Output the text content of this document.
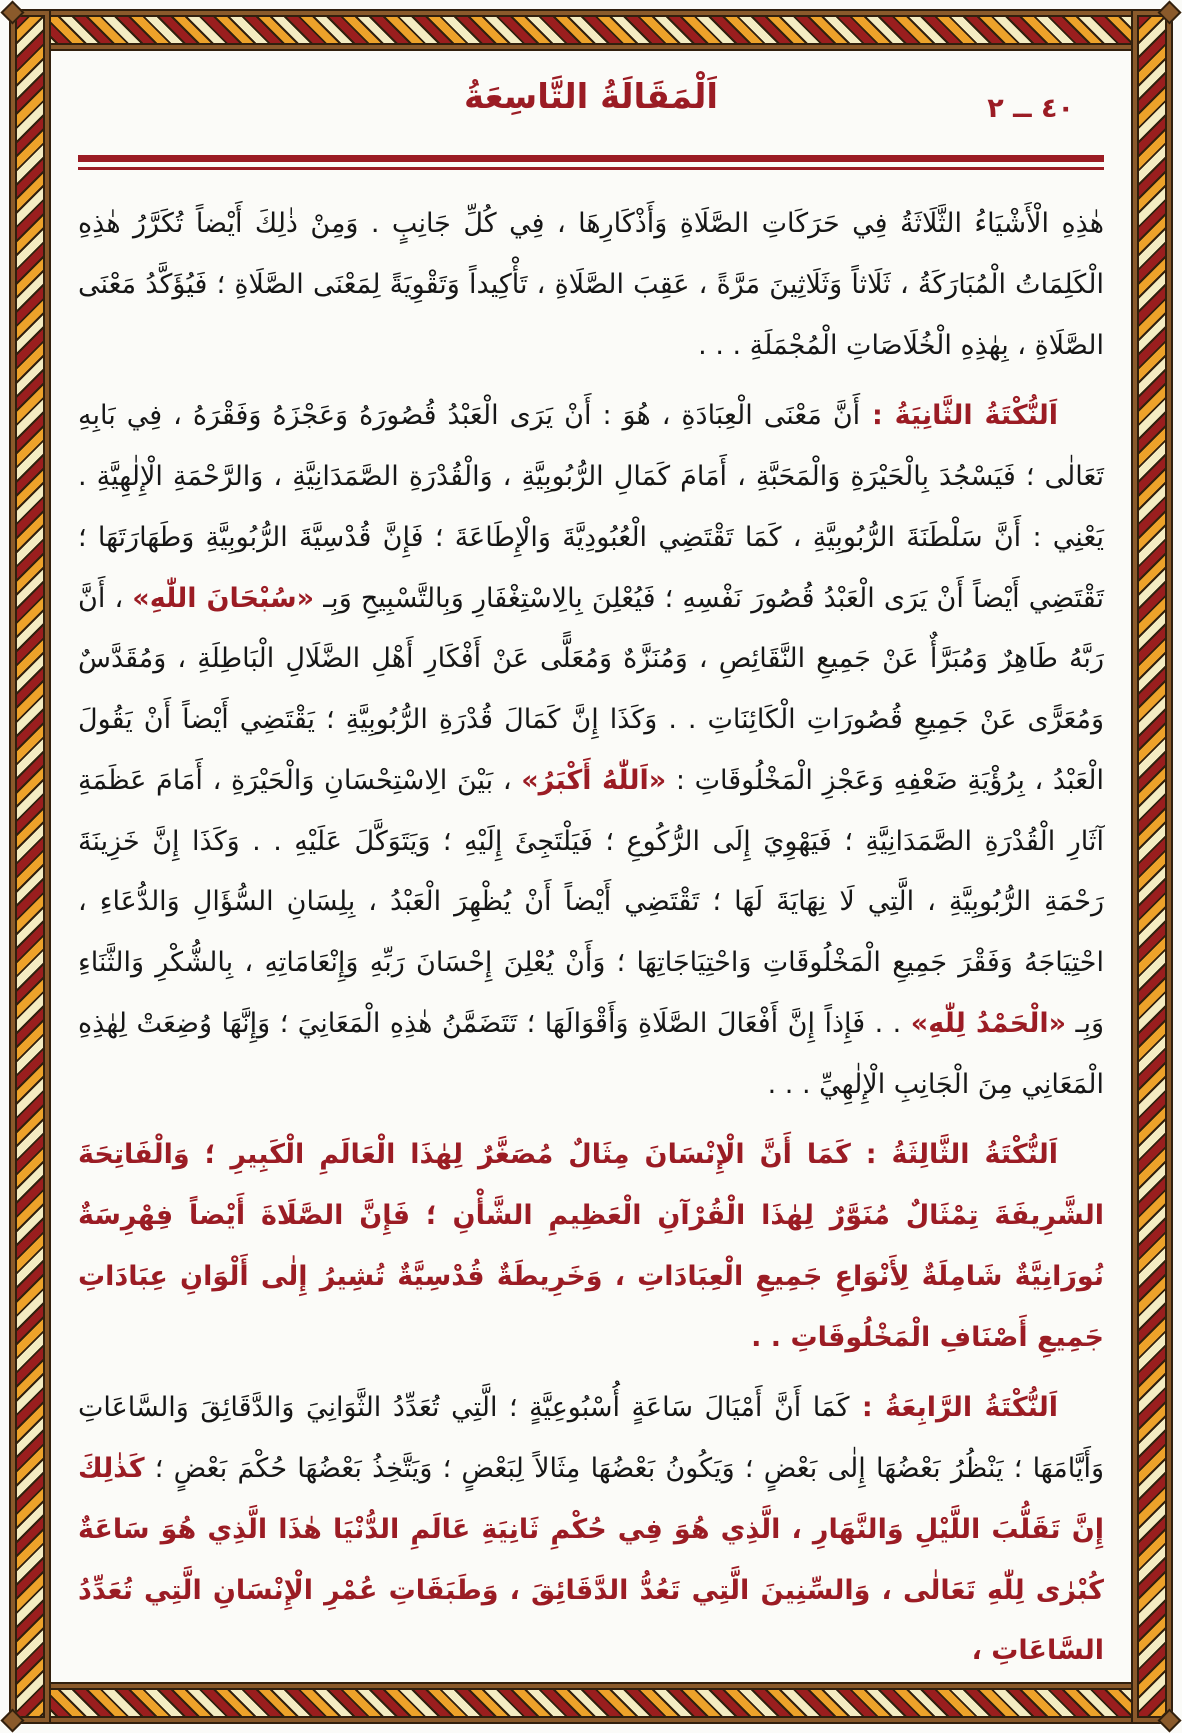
٤٠ ــ ٢
اَلْمَقَالَةُ التَّاسِعَةُ

هٰذِهِ الْأَشْيَاءُ الثَّلَاثَةُ فِي حَرَكَاتِ الصَّلَاةِ وَأَذْكَارِهَا ، فِي كُلِّ جَانِبٍ . وَمِنْ ذٰلِكَ أَيْضاً تُكَرَّرُ هٰذِهِ الْكَلِمَاتُ الْمُبَارَكَةُ ، ثَلَاثاً وَثَلَاثِينَ مَرَّةً ، عَقِبَ الصَّلَاةِ ، تَأْكِيداً وَتَقْوِيَةً لِمَعْنَى الصَّلَاةِ ؛ فَيُؤَكَّدُ مَعْنَى الصَّلَاةِ ، بِهٰذِهِ الْخُلَاصَاتِ الْمُجْمَلَةِ . . .

اَلنُّكْتَةُ الثَّانِيَةُ : أَنَّ مَعْنَى الْعِبَادَةِ ، هُوَ : أَنْ يَرَى الْعَبْدُ قُصُورَهُ وَعَجْزَهُ وَفَقْرَهُ ، فِي بَابِهِ تَعَالٰى ؛ فَيَسْجُدَ بِالْحَيْرَةِ وَالْمَحَبَّةِ ، أَمَامَ كَمَالِ الرُّبُوبِيَّةِ ، وَالْقُدْرَةِ الصَّمَدَانِيَّةِ ، وَالرَّحْمَةِ الْإِلٰهِيَّةِ . يَعْنِي : أَنَّ سَلْطَنَةَ الرُّبُوبِيَّةِ ، كَمَا تَقْتَضِي الْعُبُودِيَّةَ وَالْإِطَاعَةَ ؛ فَإِنَّ قُدْسِيَّةَ الرُّبُوبِيَّةِ وَطَهَارَتَهَا ؛ تَقْتَضِي أَيْضاً أَنْ يَرَى الْعَبْدُ قُصُورَ نَفْسِهِ ؛ فَيُعْلِنَ بِالِاسْتِغْفَارِ وَبِالتَّسْبِيحِ وَبِـ «سُبْحَانَ اللّٰهِ» ، أَنَّ رَبَّهُ طَاهِرٌ وَمُبَرَّأٌ عَنْ جَمِيعِ النَّقَائِصِ ، وَمُنَزَّهٌ وَمُعَلًّى عَنْ أَفْكَارِ أَهْلِ الضَّلَالِ الْبَاطِلَةِ ، وَمُقَدَّسٌ وَمُعَرًّى عَنْ جَمِيعِ قُصُورَاتِ الْكَائِنَاتِ . . وَكَذَا إِنَّ كَمَالَ قُدْرَةِ الرُّبُوبِيَّةِ ؛ يَقْتَضِي أَيْضاً أَنْ يَقُولَ الْعَبْدُ ، بِرُؤْيَةِ ضَعْفِهِ وَعَجْزِ الْمَخْلُوقَاتِ : «اَللّٰهُ أَكْبَرُ» ، بَيْنَ الِاسْتِحْسَانِ وَالْحَيْرَةِ ، أَمَامَ عَظَمَةِ آثَارِ الْقُدْرَةِ الصَّمَدَانِيَّةِ ؛ فَيَهْوِيَ إِلَى الرُّكُوعِ ؛ فَيَلْتَجِئَ إِلَيْهِ ؛ وَيَتَوَكَّلَ عَلَيْهِ . . وَكَذَا إِنَّ خَزِينَةَ رَحْمَةِ الرُّبُوبِيَّةِ ، الَّتِي لَا نِهَايَةَ لَهَا ؛ تَقْتَضِي أَيْضاً أَنْ يُظْهِرَ الْعَبْدُ ، بِلِسَانِ السُّؤَالِ وَالدُّعَاءِ ، احْتِيَاجَهُ وَفَقْرَ جَمِيعِ الْمَخْلُوقَاتِ وَاحْتِيَاجَاتِهَا ؛ وَأَنْ يُعْلِنَ إِحْسَانَ رَبِّهِ وَإِنْعَامَاتِهِ ، بِالشُّكْرِ وَالثَّنَاءِ وَبِـ «الْحَمْدُ لِلّٰهِ» . . فَإِذاً إِنَّ أَفْعَالَ الصَّلَاةِ وَأَقْوَالَهَا ؛ تَتَضَمَّنُ هٰذِهِ الْمَعَانِيَ ؛ وَإِنَّهَا وُضِعَتْ لِهٰذِهِ الْمَعَانِي مِنَ الْجَانِبِ الْإِلٰهِيِّ . . .

اَلنُّكْتَةُ الثَّالِثَةُ : كَمَا أَنَّ الْإِنْسَانَ مِثَالٌ مُصَغَّرٌ لِهٰذَا الْعَالَمِ الْكَبِيرِ ؛ وَالْفَاتِحَةَ الشَّرِيفَةَ تِمْثَالٌ مُنَوَّرٌ لِهٰذَا الْقُرْآنِ الْعَظِيمِ الشَّأْنِ ؛ فَإِنَّ الصَّلَاةَ أَيْضاً فِهْرِسَةٌ نُورَانِيَّةٌ شَامِلَةٌ لِأَنْوَاعِ جَمِيعِ الْعِبَادَاتِ ، وَخَرِيطَةٌ قُدْسِيَّةٌ تُشِيرُ إِلٰى أَلْوَانِ عِبَادَاتِ جَمِيعِ أَصْنَافِ الْمَخْلُوقَاتِ . .

اَلنُّكْتَةُ الرَّابِعَةُ : كَمَا أَنَّ أَمْيَالَ سَاعَةٍ أُسْبُوعِيَّةٍ ؛ الَّتِي تُعَدِّدُ الثَّوَانِيَ وَالدَّقَائِقَ وَالسَّاعَاتِ وَأَيَّامَهَا ؛ يَنْظُرُ بَعْضُهَا إِلٰى بَعْضٍ ؛ وَيَكُونُ بَعْضُهَا مِثَالاً لِبَعْضٍ ؛ وَيَتَّخِذُ بَعْضُهَا حُكْمَ بَعْضٍ ؛ كَذٰلِكَ إِنَّ تَقَلُّبَ اللَّيْلِ وَالنَّهَارِ ، الَّذِي هُوَ فِي حُكْمِ ثَانِيَةِ عَالَمِ الدُّنْيَا هٰذَا الَّذِي هُوَ سَاعَةٌ كُبْرٰى لِلّٰهِ تَعَالٰى ، وَالسِّنِينَ الَّتِي تَعُدُّ الدَّقَائِقَ ، وَطَبَقَاتِ عُمْرِ الْإِنْسَانِ الَّتِي تُعَدِّدُ السَّاعَاتِ ،
